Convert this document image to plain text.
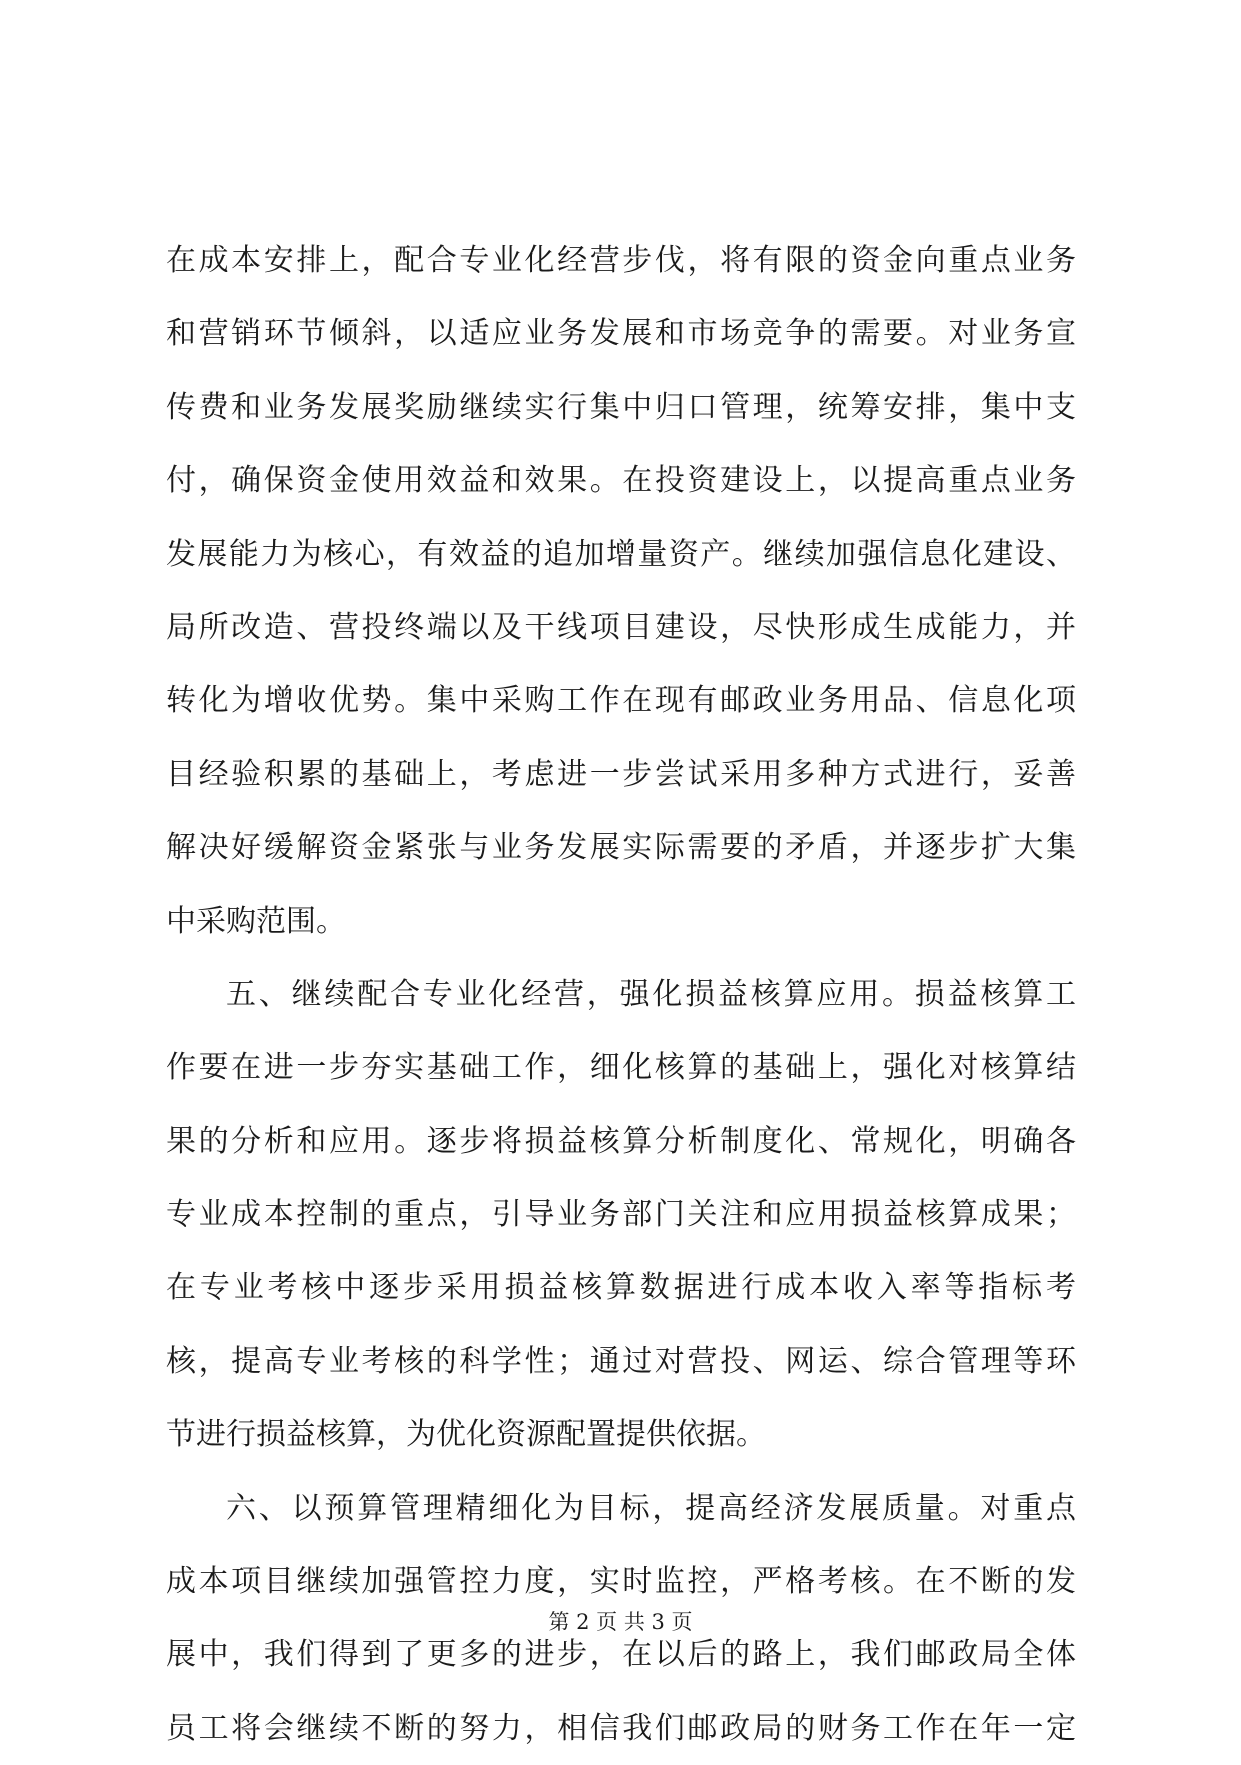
在成本安排上，配合专业化经营步伐，将有限的资金向重点业务
和营销环节倾斜，以适应业务发展和市场竞争的需要。对业务宣
传费和业务发展奖励继续实行集中归口管理，统筹安排，集中支
付，确保资金使用效益和效果。在投资建设上，以提高重点业务
发展能力为核心，有效益的追加增量资产。继续加强信息化建设、
局所改造、营投终端以及干线项目建设，尽快形成生成能力，并
转化为增收优势。集中采购工作在现有邮政业务用品、信息化项
目经验积累的基础上，考虑进一步尝试采用多种方式进行，妥善
解决好缓解资金紧张与业务发展实际需要的矛盾，并逐步扩大集
中采购范围。
五、继续配合专业化经营，强化损益核算应用。损益核算工
作要在进一步夯实基础工作，细化核算的基础上，强化对核算结
果的分析和应用。逐步将损益核算分析制度化、常规化，明确各
专业成本控制的重点，引导业务部门关注和应用损益核算成果；
在专业考核中逐步采用损益核算数据进行成本收入率等指标考
核，提高专业考核的科学性；通过对营投、网运、综合管理等环
节进行损益核算，为优化资源配置提供依据。
六、以预算管理精细化为目标，提高经济发展质量。对重点
成本项目继续加强管控力度，实时监控，严格考核。在不断的发
展中，我们得到了更多的进步，在以后的路上，我们邮政局全体
员工将会继续不断的努力，相信我们邮政局的财务工作在年一定
第 2 页 共 3 页
